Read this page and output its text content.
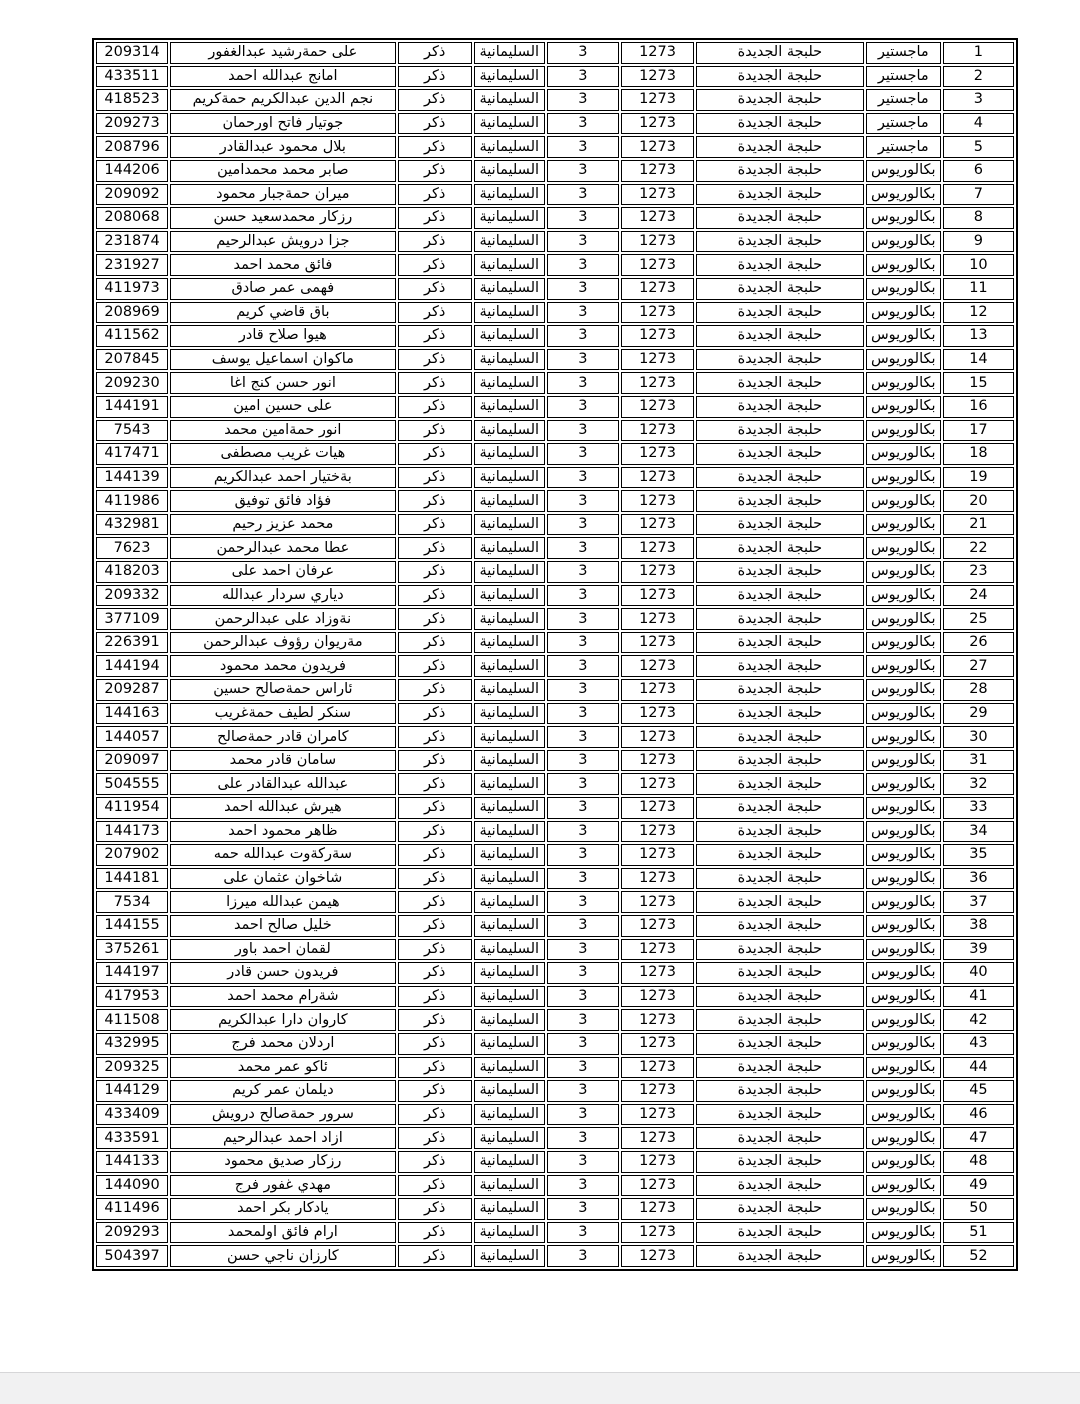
209314	علی حمةرشيد عبدالغفور	ذكر	السليمانية	3	1273	حلبجة الجديدة	ماجستير	1
433511	امانج عبدالله احمد	ذكر	السليمانية	3	1273	حلبجة الجديدة	ماجستير	2
418523	نجم الدين عبدالكريم حمةكريم	ذكر	السليمانية	3	1273	حلبجة الجديدة	ماجستير	3
209273	جوتيار فاتح اورحمان	ذكر	السليمانية	3	1273	حلبجة الجديدة	ماجستير	4
208796	بلال محمود عبدالقادر	ذكر	السليمانية	3	1273	حلبجة الجديدة	ماجستير	5
144206	صابر محمد محمدامين	ذكر	السليمانية	3	1273	حلبجة الجديدة	بكالوريوس	6
209092	ميران حمةجبار محمود	ذكر	السليمانية	3	1273	حلبجة الجديدة	بكالوريوس	7
208068	رزكار محمدسعيد حسن	ذكر	السليمانية	3	1273	حلبجة الجديدة	بكالوريوس	8
231874	جزا درويش عبدالرحيم	ذكر	السليمانية	3	1273	حلبجة الجديدة	بكالوريوس	9
231927	فائق محمد احمد	ذكر	السليمانية	3	1273	حلبجة الجديدة	بكالوريوس	10
411973	فهمی عمر صادق	ذكر	السليمانية	3	1273	حلبجة الجديدة	بكالوريوس	11
208969	باق قاضي كريم	ذكر	السليمانية	3	1273	حلبجة الجديدة	بكالوريوس	12
411562	هيوا صلاح قادر	ذكر	السليمانية	3	1273	حلبجة الجديدة	بكالوريوس	13
207845	ماكوان اسماعيل يوسف	ذكر	السليمانية	3	1273	حلبجة الجديدة	بكالوريوس	14
209230	انور حسن كنج اغا	ذكر	السليمانية	3	1273	حلبجة الجديدة	بكالوريوس	15
144191	علی حسين امين	ذكر	السليمانية	3	1273	حلبجة الجديدة	بكالوريوس	16
7543	انور حمةامين محمد	ذكر	السليمانية	3	1273	حلبجة الجديدة	بكالوريوس	17
417471	هيات غريب مصطفی	ذكر	السليمانية	3	1273	حلبجة الجديدة	بكالوريوس	18
144139	بةختيار احمد عبدالكريم	ذكر	السليمانية	3	1273	حلبجة الجديدة	بكالوريوس	19
411986	فؤاد فائق توفيق	ذكر	السليمانية	3	1273	حلبجة الجديدة	بكالوريوس	20
432981	محمد عزيز رحيم	ذكر	السليمانية	3	1273	حلبجة الجديدة	بكالوريوس	21
7623	عطا محمد عبدالرحمن	ذكر	السليمانية	3	1273	حلبجة الجديدة	بكالوريوس	22
418203	عرفان احمد علی	ذكر	السليمانية	3	1273	حلبجة الجديدة	بكالوريوس	23
209332	دياري سردار عبدالله	ذكر	السليمانية	3	1273	حلبجة الجديدة	بكالوريوس	24
377109	نةوزاد علی عبدالرحمن	ذكر	السليمانية	3	1273	حلبجة الجديدة	بكالوريوس	25
226391	مةريوان رؤوف عبدالرحمن	ذكر	السليمانية	3	1273	حلبجة الجديدة	بكالوريوس	26
144194	فريدون محمد محمود	ذكر	السليمانية	3	1273	حلبجة الجديدة	بكالوريوس	27
209287	ئاراس حمةصالح حسين	ذكر	السليمانية	3	1273	حلبجة الجديدة	بكالوريوس	28
144163	سنكر لطيف حمةغريب	ذكر	السليمانية	3	1273	حلبجة الجديدة	بكالوريوس	29
144057	كامران قادر حمةصالح	ذكر	السليمانية	3	1273	حلبجة الجديدة	بكالوريوس	30
209097	سامان قادر محمد	ذكر	السليمانية	3	1273	حلبجة الجديدة	بكالوريوس	31
504555	عبدالله عبدالقادر علی	ذكر	السليمانية	3	1273	حلبجة الجديدة	بكالوريوس	32
411954	هيرش عبدالله احمد	ذكر	السليمانية	3	1273	حلبجة الجديدة	بكالوريوس	33
144173	ظاهر محمود احمد	ذكر	السليمانية	3	1273	حلبجة الجديدة	بكالوريوس	34
207902	سةركةوت عبدالله حمه	ذكر	السليمانية	3	1273	حلبجة الجديدة	بكالوريوس	35
144181	شاخوان عثمان علی	ذكر	السليمانية	3	1273	حلبجة الجديدة	بكالوريوس	36
7534	هيمن عبدالله ميرزا	ذكر	السليمانية	3	1273	حلبجة الجديدة	بكالوريوس	37
144155	خليل صالح احمد	ذكر	السليمانية	3	1273	حلبجة الجديدة	بكالوريوس	38
375261	لقمان احمد باور	ذكر	السليمانية	3	1273	حلبجة الجديدة	بكالوريوس	39
144197	فريدون حسن قادر	ذكر	السليمانية	3	1273	حلبجة الجديدة	بكالوريوس	40
417953	شةرام محمد احمد	ذكر	السليمانية	3	1273	حلبجة الجديدة	بكالوريوس	41
411508	كاروان دارا عبدالكريم	ذكر	السليمانية	3	1273	حلبجة الجديدة	بكالوريوس	42
432995	اردلان محمد فرج	ذكر	السليمانية	3	1273	حلبجة الجديدة	بكالوريوس	43
209325	ئاكو عمر محمد	ذكر	السليمانية	3	1273	حلبجة الجديدة	بكالوريوس	44
144129	ديلمان عمر كريم	ذكر	السليمانية	3	1273	حلبجة الجديدة	بكالوريوس	45
433409	سرور حمةصالح درويش	ذكر	السليمانية	3	1273	حلبجة الجديدة	بكالوريوس	46
433591	ازاد احمد عبدالرحيم	ذكر	السليمانية	3	1273	حلبجة الجديدة	بكالوريوس	47
144133	رزكار صديق محمود	ذكر	السليمانية	3	1273	حلبجة الجديدة	بكالوريوس	48
144090	مهدي غفور فرج	ذكر	السليمانية	3	1273	حلبجة الجديدة	بكالوريوس	49
411496	يادكار بكر احمد	ذكر	السليمانية	3	1273	حلبجة الجديدة	بكالوريوس	50
209293	ارام فائق اولمحمد	ذكر	السليمانية	3	1273	حلبجة الجديدة	بكالوريوس	51
504397	كارزان ناجي حسن	ذكر	السليمانية	3	1273	حلبجة الجديدة	بكالوريوس	52
